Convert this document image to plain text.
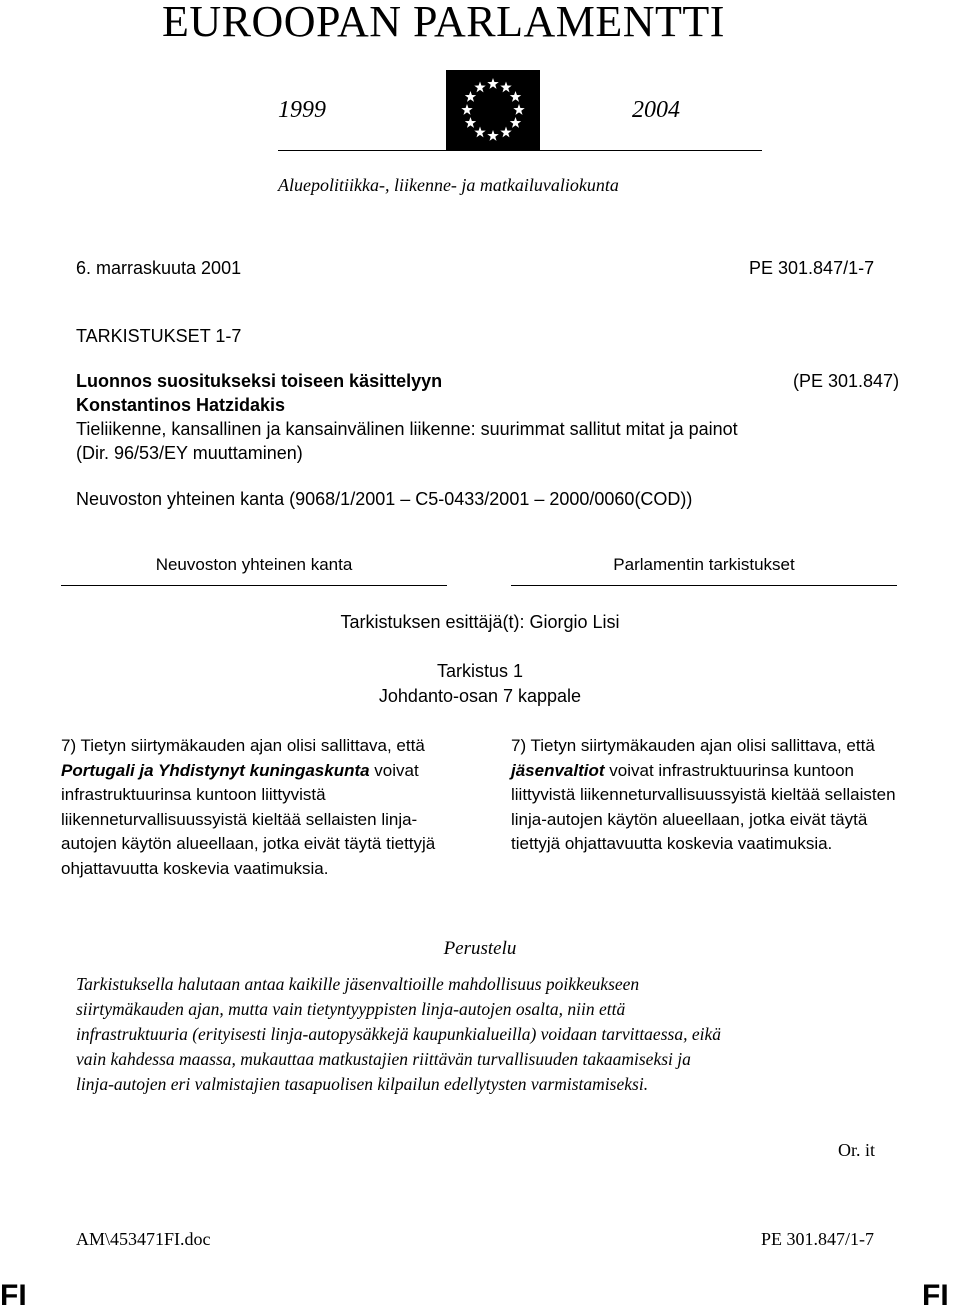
EUROOPAN PARLAMENTTI
1999	2004
Aluepolitiikka-, liikenne- ja matkailuvaliokunta
6. marraskuuta 2001	PE 301.847/1-7
TARKISTUKSET 1-7
Luonnos suositukseksi toiseen käsittelyyn	(PE 301.847)
Konstantinos Hatzidakis
Tieliikenne, kansallinen ja kansainvälinen liikenne: suurimmat sallitut mitat ja painot
(Dir. 96/53/EY muuttaminen)
Neuvoston yhteinen kanta (9068/1/2001 – C5-0433/2001 – 2000/0060(COD))
Neuvoston yhteinen kanta	Parlamentin tarkistukset
Tarkistuksen esittäjä(t): Giorgio Lisi
Tarkistus 1
Johdanto-osan 7 kappale
7) Tietyn siirtymäkauden ajan olisi sallittava, että Portugali ja Yhdistynyt kuningaskunta voivat infrastruktuurinsa kuntoon liittyvistä liikenneturvallisuussyistä kieltää sellaisten linja-autojen käytön alueellaan, jotka eivät täytä tiettyjä ohjattavuutta koskevia vaatimuksia.
7) Tietyn siirtymäkauden ajan olisi sallittava, että jäsenvaltiot voivat infrastruktuurinsa kuntoon liittyvistä liikenneturvallisuussyistä kieltää sellaisten linja-autojen käytön alueellaan, jotka eivät täytä tiettyjä ohjattavuutta koskevia vaatimuksia.
Perustelu
Tarkistuksella halutaan antaa kaikille jäsenvaltioille mahdollisuus poikkeukseen
siirtymäkauden ajan, mutta vain tietyntyyppisten linja-autojen osalta, niin että
infrastruktuuria (erityisesti linja-autopysäkkejä kaupunkialueilla) voidaan tarvittaessa, eikä
vain kahdessa maassa, mukauttaa matkustajien riittävän turvallisuuden takaamiseksi ja
linja-autojen eri valmistajien tasapuolisen kilpailun edellytysten varmistamiseksi.
Or. it
AM\453471FI.doc	PE 301.847/1-7
FI	FI
